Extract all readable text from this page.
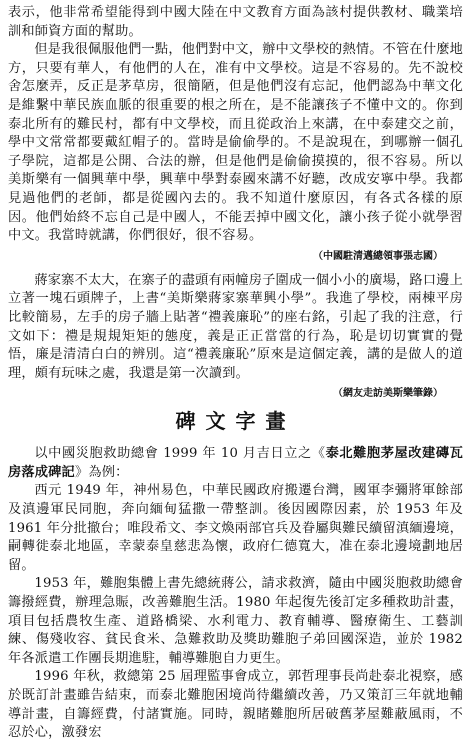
表示，他非常希望能得到中國大陸在中文教育方面為該村提供教材、職業培訓和師資方面的幫助。

但是我很佩服他們一點，他們對中文，辦中文學校的熱情。不管在什麼地方，只要有華人，有他們的人在，准有中文學校。這是不容易的。先不說校舍怎麼弄，反正是茅草房，很簡陋，但是他們沒有忘記，他們認為中華文化是維繫中華民族血脈的很重要的根之所在，是不能讓孩子不懂中文的。你到泰北所有的難民村，都有中文學校，而且從政治上來講，在中泰建交之前，學中文常常都要戴紅帽子的。當時是偷偷學的。不是說現在，到哪辦一個孔子學院，這都是公開、合法的辦，但是他們是偷偷摸摸的，很不容易。所以美斯樂有一個興華中學，興華中學對泰國來講不好聽，改成安寧中學。我都見過他們的老師，都是從國內去的。我不知道什麼原因，有各式各樣的原因。他們始終不忘自己是中國人，不能丟掉中國文化，讓小孩子從小就學習中文。我當時就講，你們很好，很不容易。

（中國駐清邁總領事張志國）

蔣家寨不太大，在寨子的盡頭有兩幢房子圍成一個小小的廣場，路口邊上立著一塊石頭牌子，上書“美斯樂蔣家寨華興小學”。我進了學校，兩棟平房比較簡易，左手的房子牆上貼著“禮義廉恥”的座右銘，引起了我的注意，行文如下：禮是規規矩矩的態度，義是正正當當的行為，恥是切切實實的覺悟，廉是清清白白的辨別。這“禮義廉恥”原來是這個定義，講的是做人的道理，頗有玩味之處，我還是第一次讀到。

（網友走訪美斯樂筆錄）
碑文字畫

以中國災胞救助總會 1999 年 10 月吉日立之《泰北難胞茅屋改建磚瓦房落成碑記》為例：

西元 1949 年，神州易色，中華民國政府搬遷台灣，國軍李彌將軍餘部及滇邊軍民同胞，奔向緬甸猛撒一帶整訓。後因國際因素，於 1953 年及 1961 年分批撤台；唯段希文、李文煥兩部官兵及眷屬與難民續留滇緬邊境，嗣轉徙泰北地區，幸蒙泰皇慈悲為懷，政府仁德寬大，准在泰北邊境劃地居留。

1953 年，難胞集體上書先總統蔣公，請求救濟，隨由中國災胞救助總會籌撥經費，辦理急賑，改善難胞生活。1980 年起復先後訂定多種救助計畫，項目包括農牧生產、道路橋梁、水利電力、教育輔導、醫療衛生、工藝訓練、傷殘收容、貧民食米、急難救助及獎助難胞子弟回國深造，並於 1982 年各派遣工作團長期進駐，輔導難胞自力更生。

1996 年秋，救總第 25 屆理監事會成立，郭哲理事長尚赴泰北視察，感於既訂計畫雖告結束，而泰北難胞困境尚待繼續改善，乃又策訂三年就地輔導計畫，自籌經費，付諸實施。同時，親睹難胞所居破舊茅屋難蔽風雨，不忍於心，激發宏
